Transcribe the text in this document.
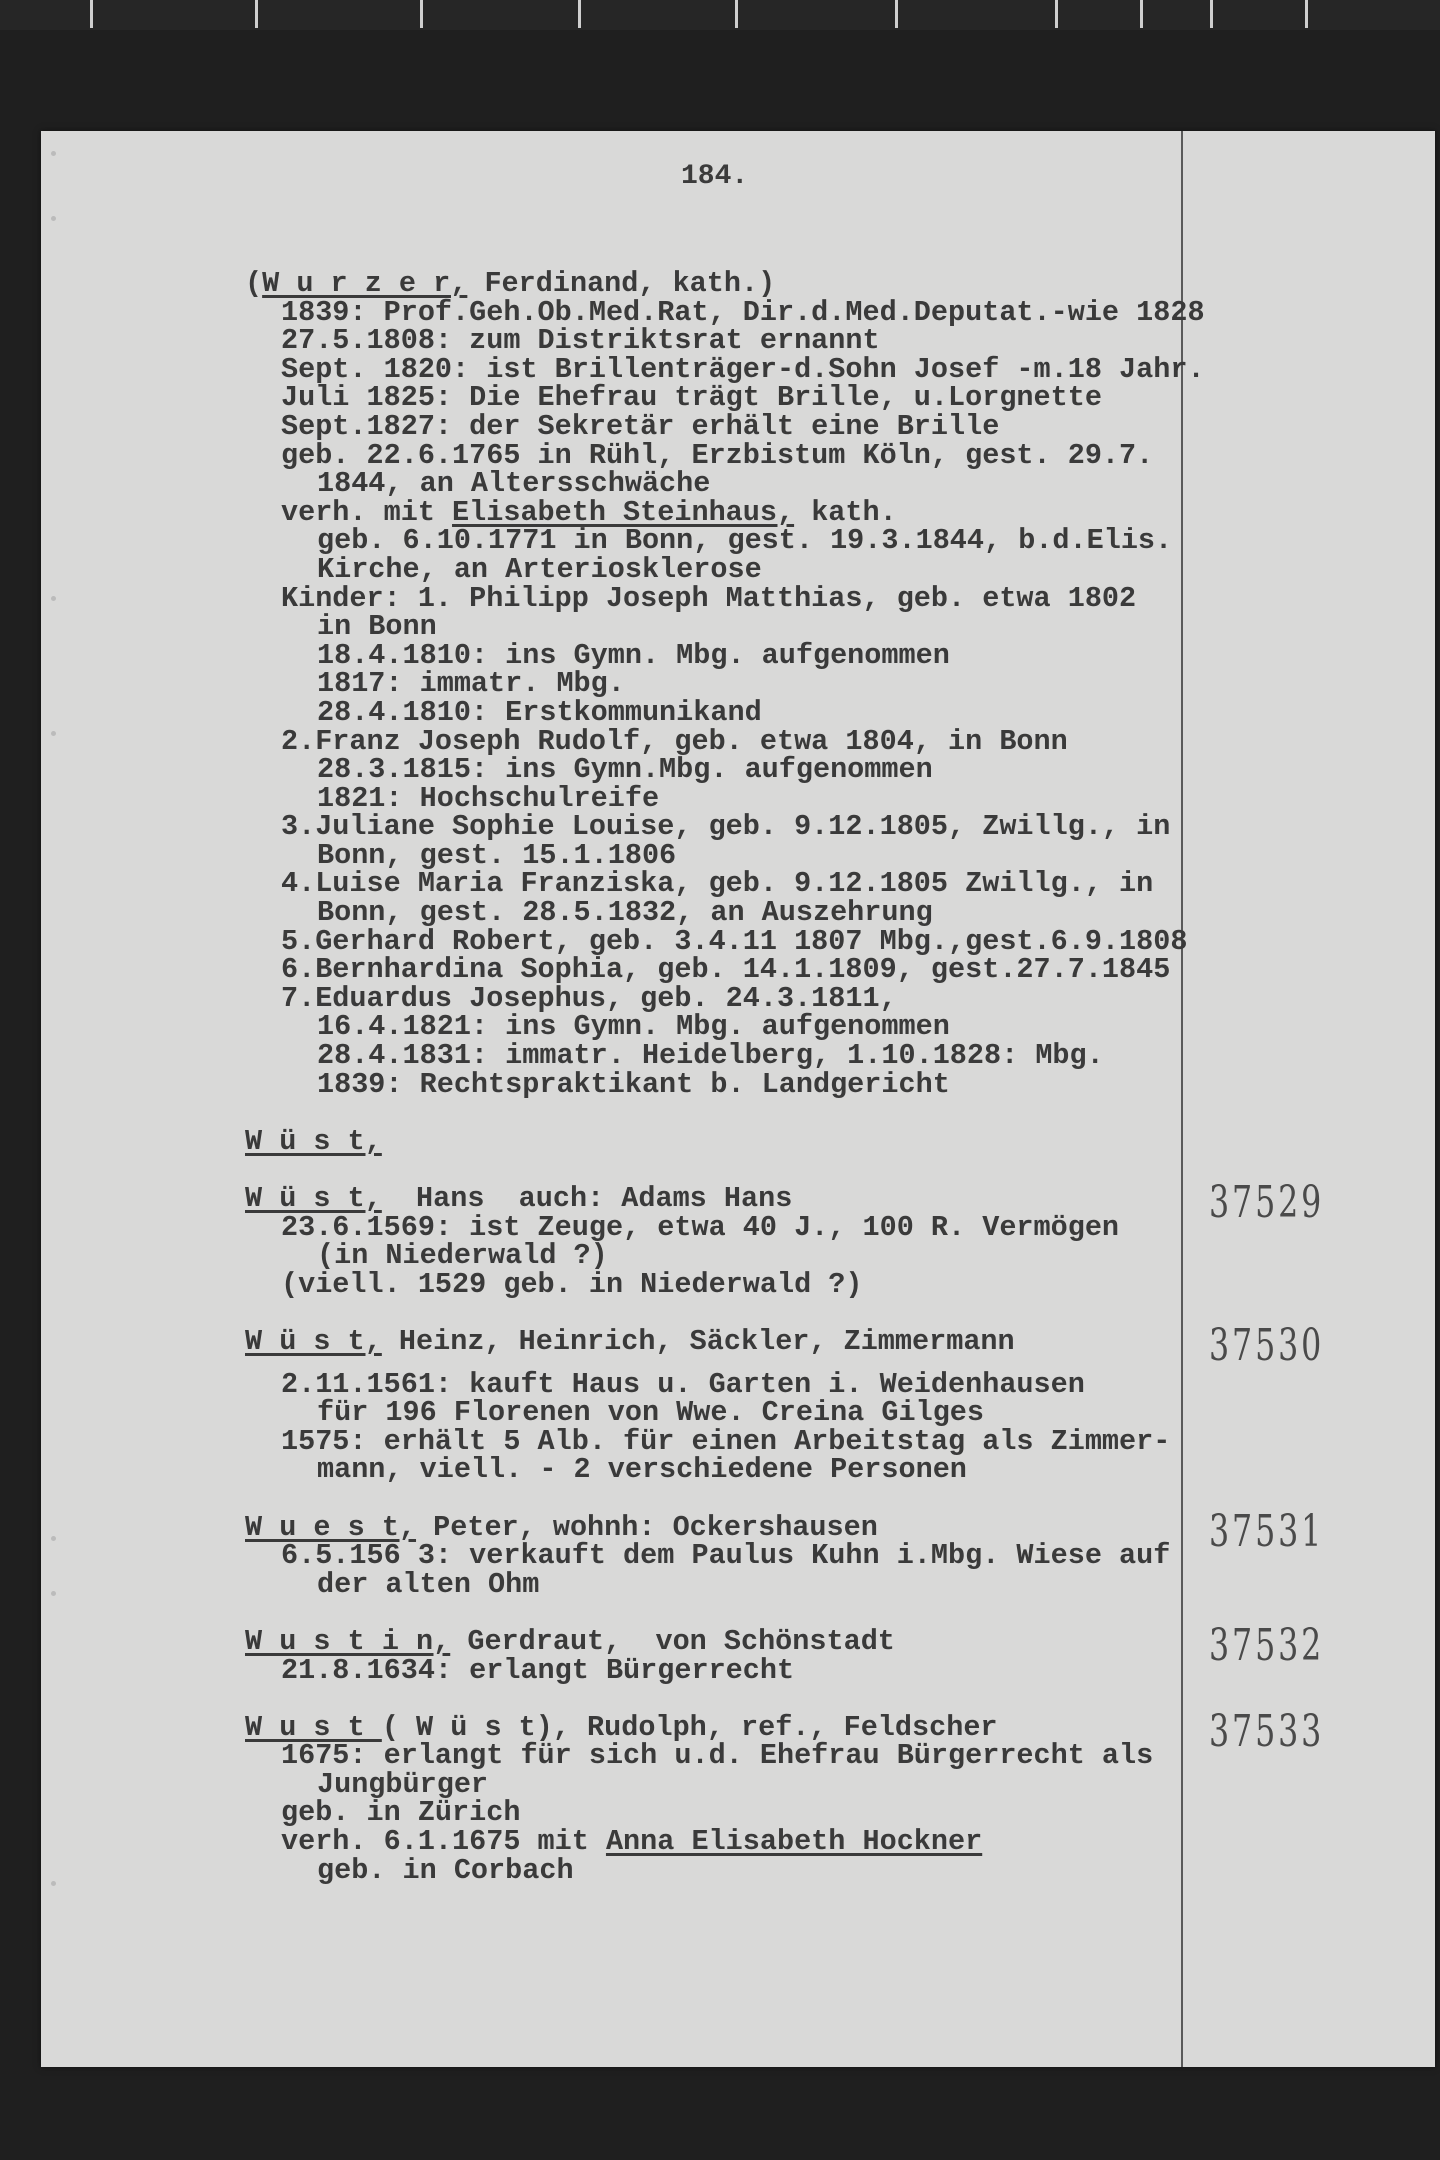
184.
(W u r z e r, Ferdinand, kath.)
1839: Prof.Geh.Ob.Med.Rat, Dir.d.Med.Deputat.-wie 1828
27.5.1808: zum Distriktsrat ernannt
Sept. 1820: ist Brillenträger-d.Sohn Josef -m.18 Jahr.
Juli 1825: Die Ehefrau trägt Brille, u.Lorgnette
Sept.1827: der Sekretär erhält eine Brille
geb. 22.6.1765 in Rühl, Erzbistum Köln, gest. 29.7.
1844, an Altersschwäche
verh. mit Elisabeth Steinhaus, kath.
geb. 6.10.1771 in Bonn, gest. 19.3.1844, b.d.Elis.
Kirche, an Arteriosklerose
Kinder: 1. Philipp Joseph Matthias, geb. etwa 1802
in Bonn
18.4.1810: ins Gymn. Mbg. aufgenommen
1817: immatr. Mbg.
28.4.1810: Erstkommunikand
2.Franz Joseph Rudolf, geb. etwa 1804, in Bonn
28.3.1815: ins Gymn.Mbg. aufgenommen
1821: Hochschulreife
3.Juliane Sophie Louise, geb. 9.12.1805, Zwillg., in
Bonn, gest. 15.1.1806
4.Luise Maria Franziska, geb. 9.12.1805 Zwillg., in
Bonn, gest. 28.5.1832, an Auszehrung
5.Gerhard Robert, geb. 3.4.11 1807 Mbg.,gest.6.9.1808
6.Bernhardina Sophia, geb. 14.1.1809, gest.27.7.1845
7.Eduardus Josephus, geb. 24.3.1811,
16.4.1821: ins Gymn. Mbg. aufgenommen
28.4.1831: immatr. Heidelberg, 1.10.1828: Mbg.
1839: Rechtspraktikant b. Landgericht
W ü s t,
W ü s t,  Hans  auch: Adams Hans
23.6.1569: ist Zeuge, etwa 40 J., 100 R. Vermögen
(in Niederwald ?)
(viell. 1529 geb. in Niederwald ?)
W ü s t, Heinz, Heinrich, Säckler, Zimmermann
2.11.1561: kauft Haus u. Garten i. Weidenhausen
für 196 Florenen von Wwe. Creina Gilges
1575: erhält 5 Alb. für einen Arbeitstag als Zimmer-
mann, viell. - 2 verschiedene Personen
W u e s t, Peter, wohnh: Ockershausen
6.5.156 3: verkauft dem Paulus Kuhn i.Mbg. Wiese auf
der alten Ohm
W u s t i n, Gerdraut,  von Schönstadt
21.8.1634: erlangt Bürgerrecht
W u s t ( W ü s t), Rudolph, ref., Feldscher
1675: erlangt für sich u.d. Ehefrau Bürgerrecht als
Jungbürger
geb. in Zürich
verh. 6.1.1675 mit Anna Elisabeth Hockner
geb. in Corbach
37529
37530
37531
37532
37533
